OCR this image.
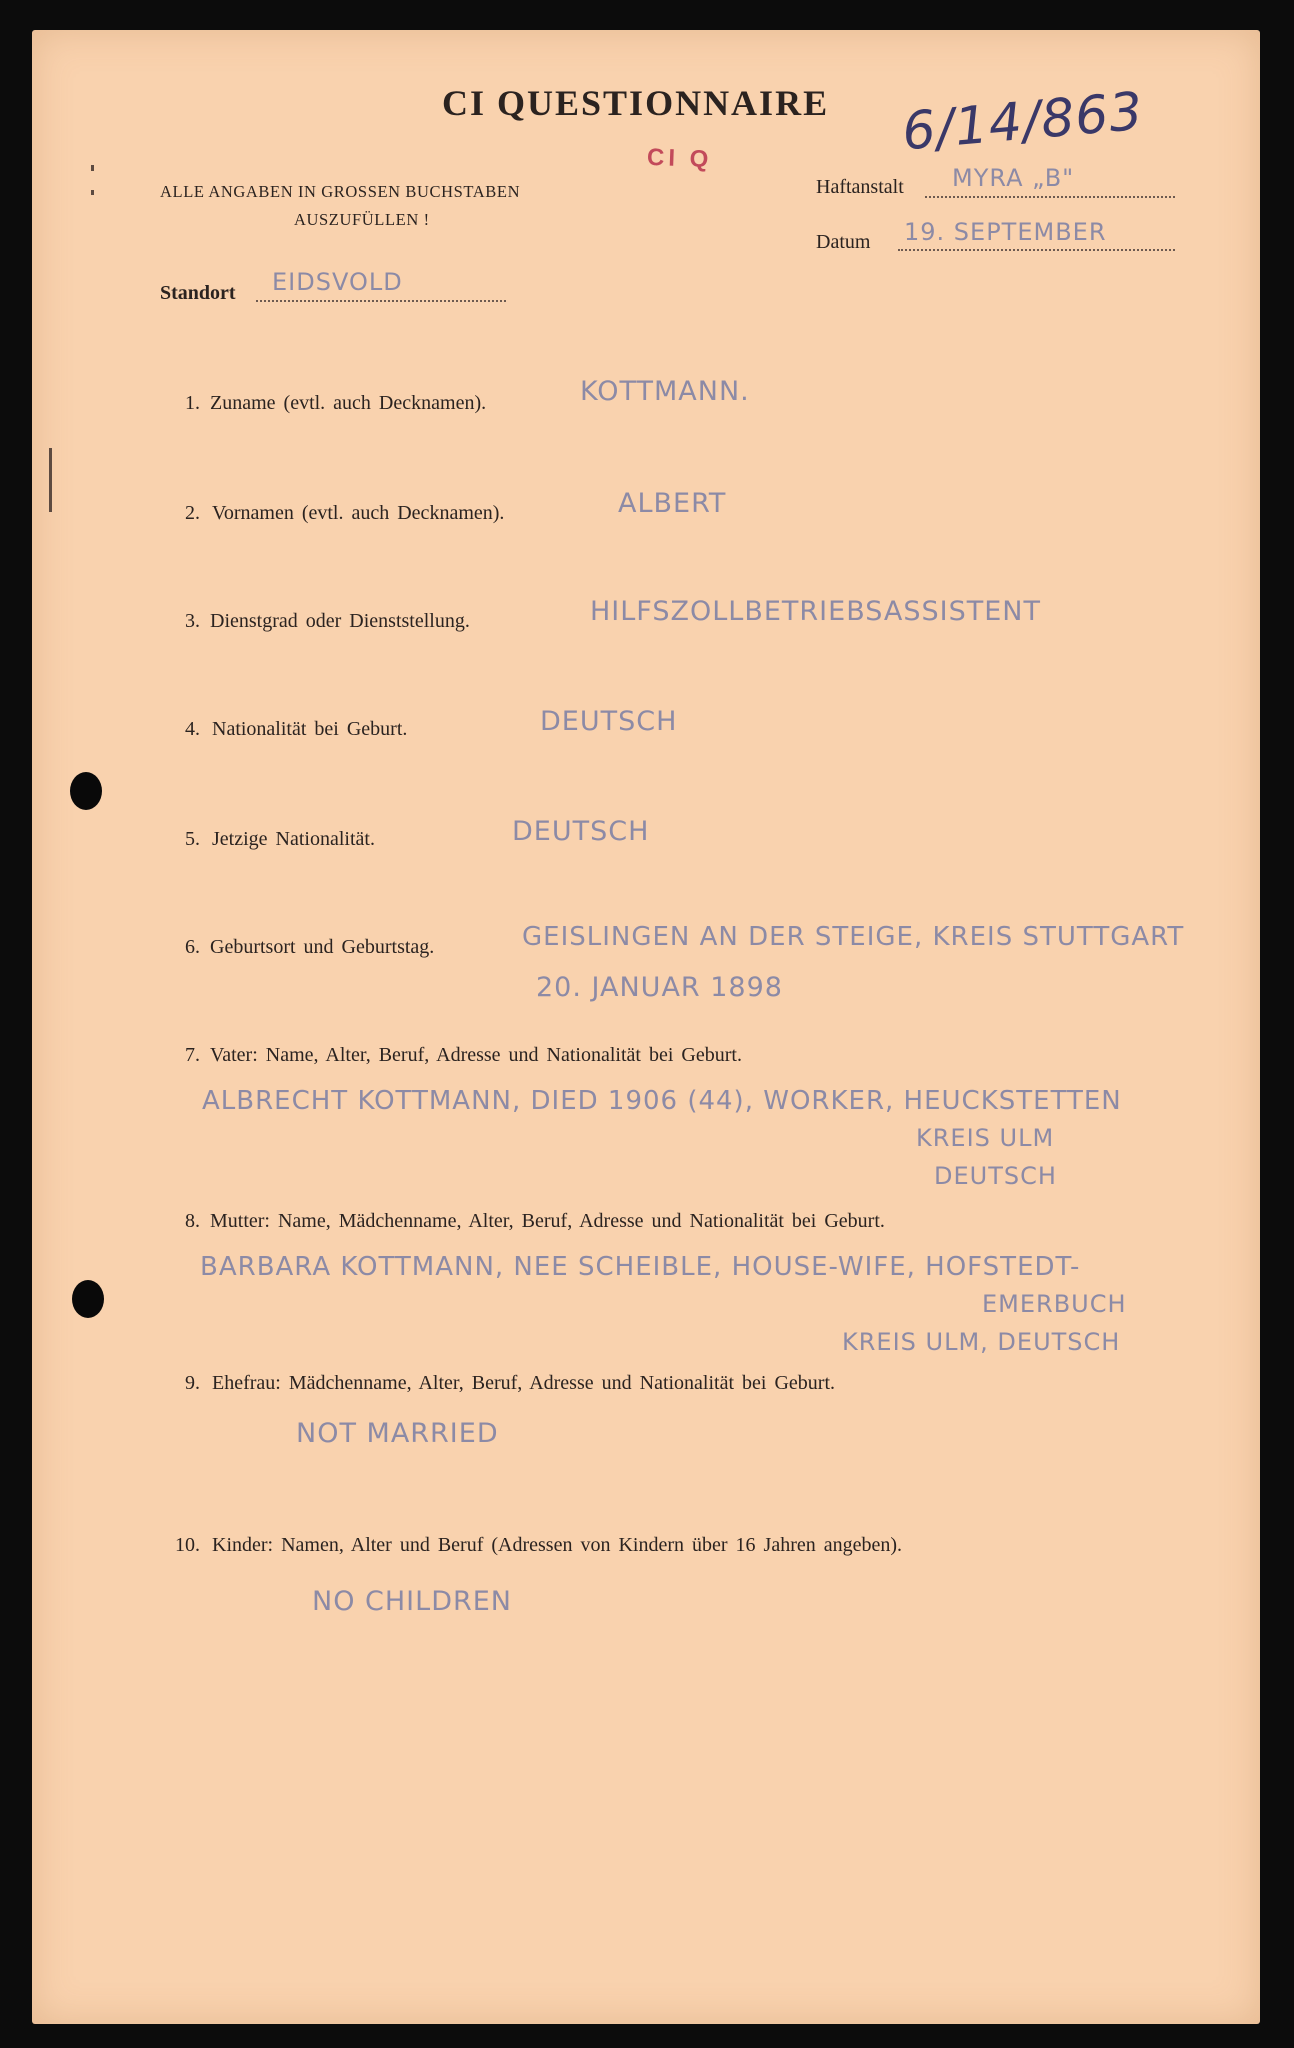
CI QUESTIONNAIRE 6/14/863
ALLE ANGABEN IN GROSSEN BUCHSTABEN
AUSZUFÜLLEN !
CI Q
Haftanstalt MYRA „B"
Datum 19. SEPTEMBER
Standort EIDSVOLD
1. Zuname (evtl. auch Decknamen).	KOTTMANN.
2. Vornamen (evtl. auch Decknamen).	ALBERT
3. Dienstgrad oder Dienststellung.	HILFSZOLLBETRIEBSASSISTENT
4. Nationalität bei Geburt.	DEUTSCH
5. Jetzige Nationalität.	DEUTSCH
6. Geburtsort und Geburtstag.	GEISLINGEN AN DER STEIGE, KREIS STUTTGART
20. JANUAR 1898
7. Vater: Name, Alter, Beruf, Adresse und Nationalität bei Geburt.
ALBRECHT KOTTMANN, DIED 1906 (44), WORKER, HEUCKSTETTEN
KREIS ULM
DEUTSCH
8. Mutter: Name, Mädchenname, Alter, Beruf, Adresse und Nationalität bei Geburt.
BARBARA KOTTMANN, NEE SCHEIBLE, HOUSE-WIFE, HOFSTEDT-
EMERBUCH
KREIS ULM, DEUTSCH
9. Ehefrau: Mädchenname, Alter, Beruf, Adresse und Nationalität bei Geburt.
NOT MARRIED
10. Kinder: Namen, Alter und Beruf (Adressen von Kindern über 16 Jahren angeben).
NO CHILDREN
